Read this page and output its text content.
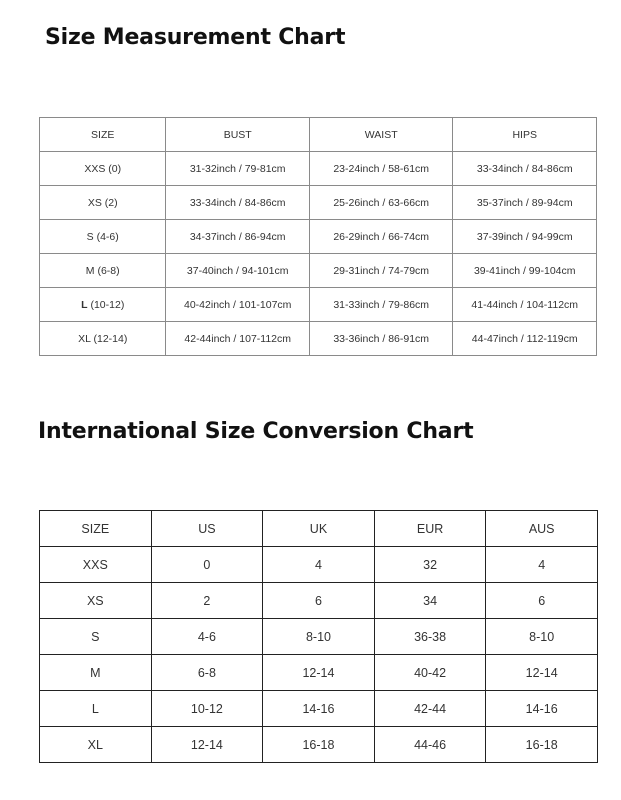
Size Measurement Chart
SIZE	BUST	WAIST	HIPS
XXS (0)	31-32inch / 79-81cm	23-24inch / 58-61cm	33-34inch / 84-86cm
XS (2)	33-34inch / 84-86cm	25-26inch / 63-66cm	35-37inch / 89-94cm
S (4-6)	34-37inch / 86-94cm	26-29inch / 66-74cm	37-39inch / 94-99cm
M (6-8)	37-40inch / 94-101cm	29-31inch / 74-79cm	39-41inch / 99-104cm
L (10-12)	40-42inch / 101-107cm	31-33inch / 79-86cm	41-44inch / 104-112cm
XL (12-14)	42-44inch / 107-112cm	33-36inch / 86-91cm	44-47inch / 112-119cm
International Size Conversion Chart
SIZE	US	UK	EUR	AUS
XXS	0	4	32	4
XS	2	6	34	6
S	4-6	8-10	36-38	8-10
M	6-8	12-14	40-42	12-14
L	10-12	14-16	42-44	14-16
XL	12-14	16-18	44-46	16-18
